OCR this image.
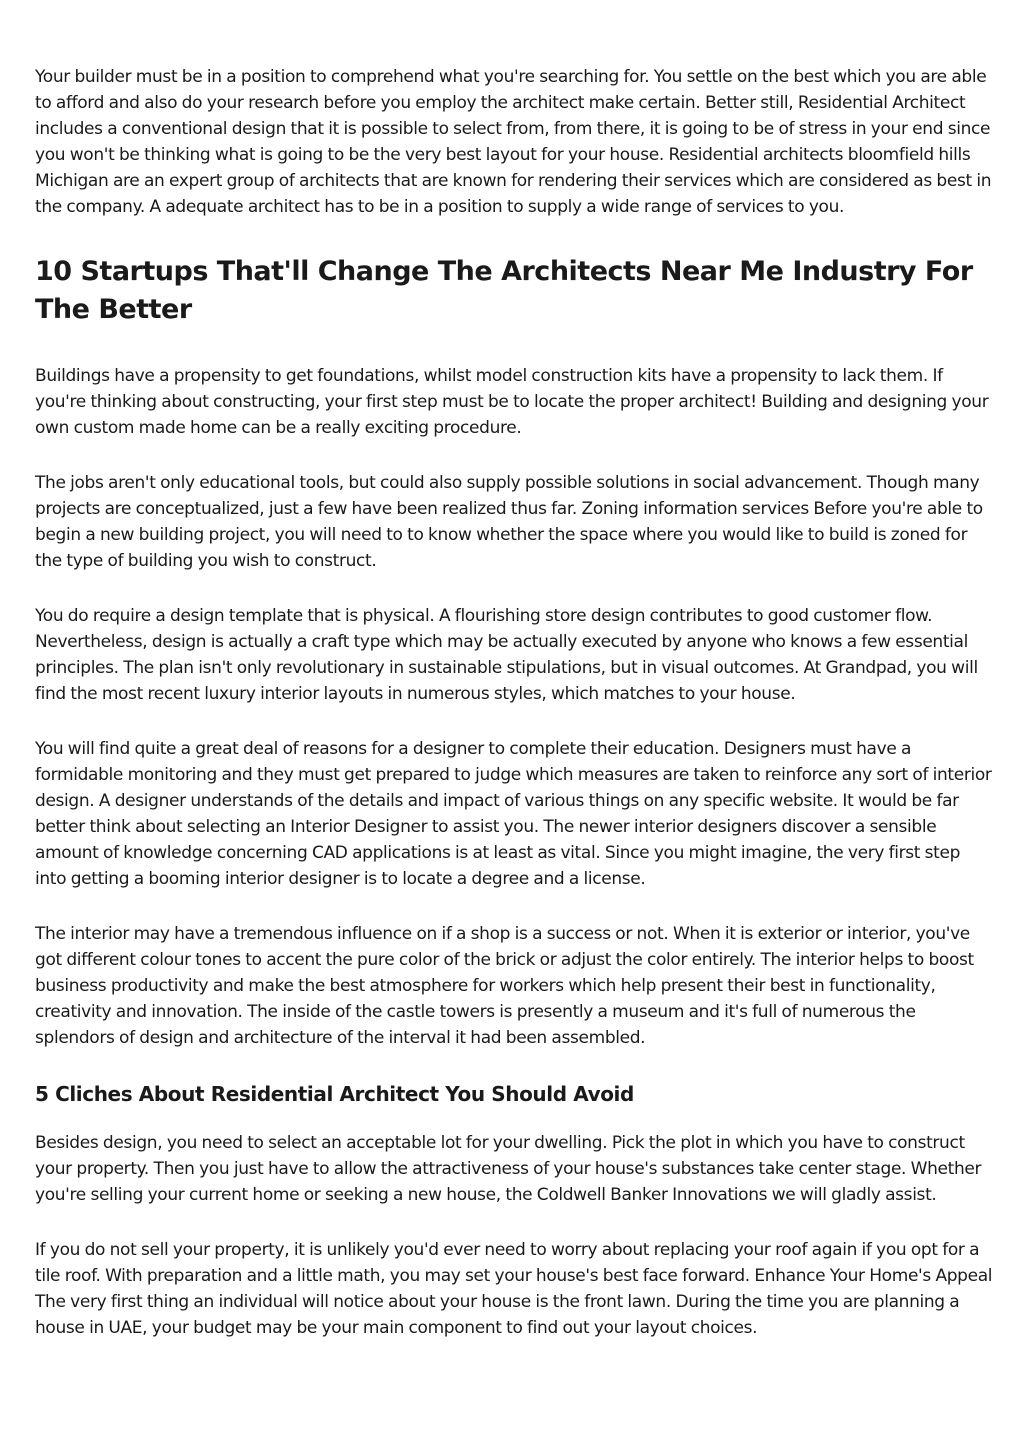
Your builder must be in a position to comprehend what you're searching for. You settle on the best which you are able to afford and also do your research before you employ the architect make certain. Better still, Residential Architect includes a conventional design that it is possible to select from, from there, it is going to be of stress in your end since you won't be thinking what is going to be the very best layout for your house. Residential architects bloomfield hills Michigan are an expert group of architects that are known for rendering their services which are considered as best in the company. A adequate architect has to be in a position to supply a wide range of services to you.

10 Startups That'll Change The Architects Near Me Industry For The Better

Buildings have a propensity to get foundations, whilst model construction kits have a propensity to lack them. If you're thinking about constructing, your first step must be to locate the proper architect! Building and designing your own custom made home can be a really exciting procedure.

The jobs aren't only educational tools, but could also supply possible solutions in social advancement. Though many projects are conceptualized, just a few have been realized thus far. Zoning information services Before you're able to begin a new building project, you will need to to know whether the space where you would like to build is zoned for the type of building you wish to construct.

You do require a design template that is physical. A flourishing store design contributes to good customer flow. Nevertheless, design is actually a craft type which may be actually executed by anyone who knows a few essential principles. The plan isn't only revolutionary in sustainable stipulations, but in visual outcomes. At Grandpad, you will find the most recent luxury interior layouts in numerous styles, which matches to your house.

You will find quite a great deal of reasons for a designer to complete their education. Designers must have a formidable monitoring and they must get prepared to judge which measures are taken to reinforce any sort of interior design. A designer understands of the details and impact of various things on any specific website. It would be far better think about selecting an Interior Designer to assist you. The newer interior designers discover a sensible amount of knowledge concerning CAD applications is at least as vital. Since you might imagine, the very first step into getting a booming interior designer is to locate a degree and a license.

The interior may have a tremendous influence on if a shop is a success or not. When it is exterior or interior, you've got different colour tones to accent the pure color of the brick or adjust the color entirely. The interior helps to boost business productivity and make the best atmosphere for workers which help present their best in functionality, creativity and innovation. The inside of the castle towers is presently a museum and it's full of numerous the splendors of design and architecture of the interval it had been assembled.

5 Cliches About Residential Architect You Should Avoid

Besides design, you need to select an acceptable lot for your dwelling. Pick the plot in which you have to construct your property. Then you just have to allow the attractiveness of your house's substances take center stage. Whether you're selling your current home or seeking a new house, the Coldwell Banker Innovations we will gladly assist.

If you do not sell your property, it is unlikely you'd ever need to worry about replacing your roof again if you opt for a tile roof. With preparation and a little math, you may set your house's best face forward. Enhance Your Home's Appeal The very first thing an individual will notice about your house is the front lawn. During the time you are planning a house in UAE, your budget may be your main component to find out your layout choices.
